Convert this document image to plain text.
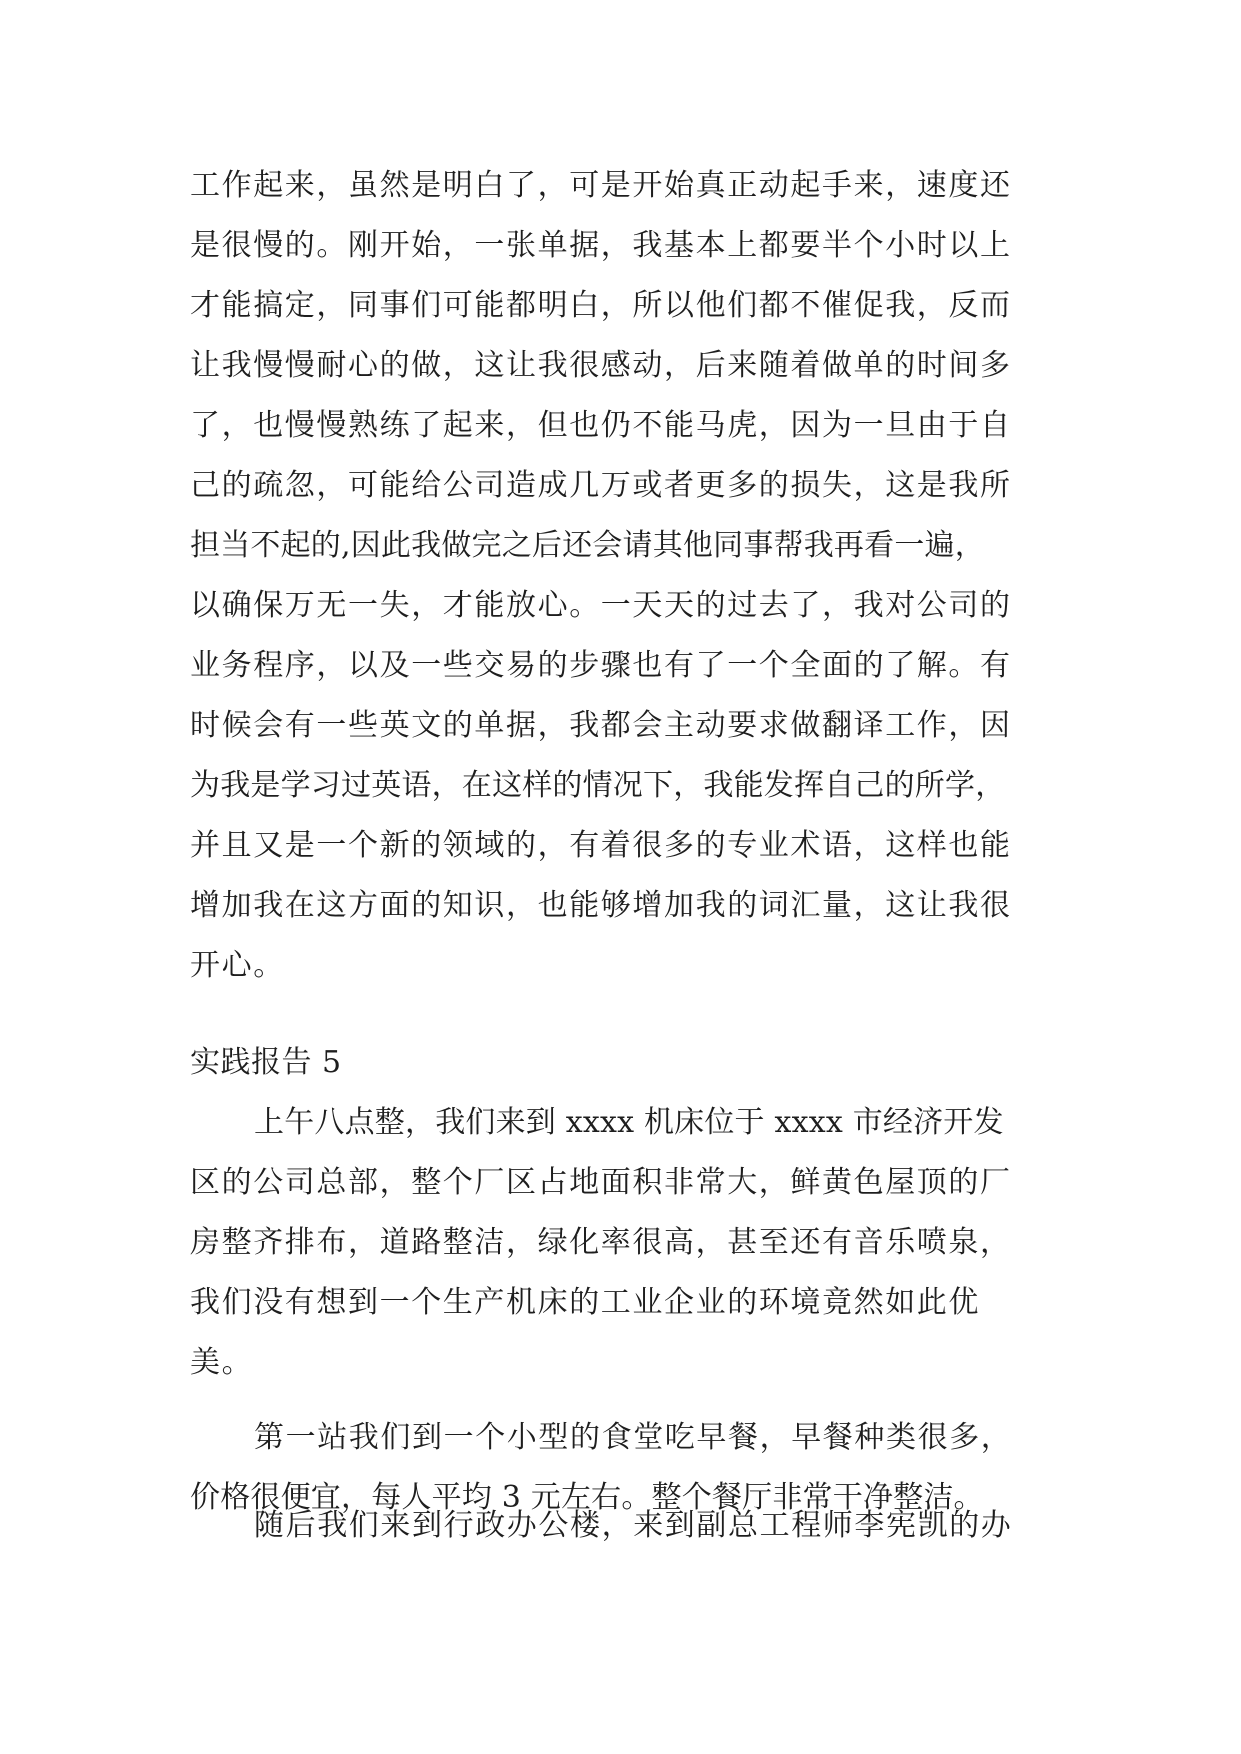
工作起来，虽然是明白了，可是开始真正动起手来，速度还
是很慢的。刚开始，一张单据，我基本上都要半个小时以上
才能搞定，同事们可能都明白，所以他们都不催促我，反而
让我慢慢耐心的做，这让我很感动，后来随着做单的时间多
了，也慢慢熟练了起来，但也仍不能马虎，因为一旦由于自
己的疏忽，可能给公司造成几万或者更多的损失，这是我所
担当不起的,因此我做完之后还会请其他同事帮我再看一遍，
以确保万无一失，才能放心。一天天的过去了，我对公司的
业务程序，以及一些交易的步骤也有了一个全面的了解。有
时候会有一些英文的单据，我都会主动要求做翻译工作，因
为我是学习过英语，在这样的情况下，我能发挥自己的所学，
并且又是一个新的领域的，有着很多的专业术语，这样也能
增加我在这方面的知识，也能够增加我的词汇量，这让我很
开心。
实践报告 5
上午八点整，我们来到 xxxx 机床位于 xxxx 市经济开发
区的公司总部，整个厂区占地面积非常大，鲜黄色屋顶的厂
房整齐排布，道路整洁，绿化率很高，甚至还有音乐喷泉，
我们没有想到一个生产机床的工业企业的环境竟然如此优
美。
第一站我们到一个小型的食堂吃早餐，早餐种类很多，
价格很便宜，每人平均 3 元左右。整个餐厅非常干净整洁。
随后我们来到行政办公楼，来到副总工程师李宪凯的办
